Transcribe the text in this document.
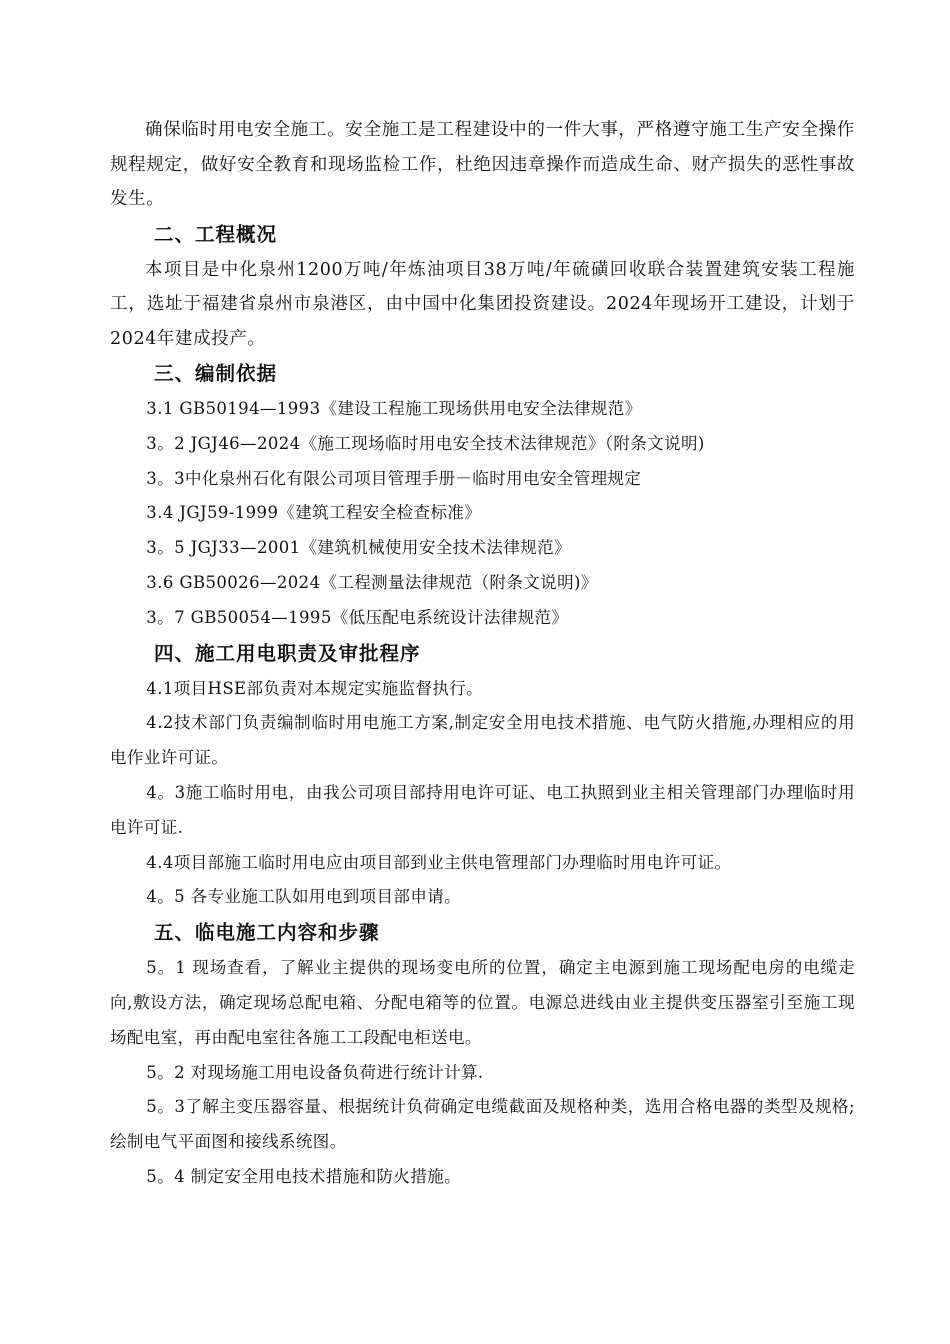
确保临时用电安全施工。安全施工是工程建设中的一件大事，严格遵守施工生产安全操作规程规定，做好安全教育和现场监检工作，杜绝因违章操作而造成生命、财产损失的恶性事故发生。

二、工程概况

本项目是中化泉州1200万吨/年炼油项目38万吨/年硫磺回收联合装置建筑安装工程施工，选址于福建省泉州市泉港区，由中国中化集团投资建设。2024年现场开工建设，计划于2024年建成投产。

三、编制依据

3.1 GB50194—1993《建设工程施工现场供用电安全法律规范》

3。2 JGJ46—2024《施工现场临时用电安全技术法律规范》（附条文说明)

3。3中化泉州石化有限公司项目管理手册－临时用电安全管理规定

3.4 JGJ59-1999《建筑工程安全检查标准》

3。5 JGJ33—2001《建筑机械使用安全技术法律规范》

3.6 GB50026—2024《工程测量法律规范（附条文说明)》

3。7 GB50054—1995《低压配电系统设计法律规范》

四、施工用电职责及审批程序

4.1项目HSE部负责对本规定实施监督执行。

4.2技术部门负责编制临时用电施工方案,制定安全用电技术措施、电气防火措施,办理相应的用电作业许可证。

4。3施工临时用电，由我公司项目部持用电许可证、电工执照到业主相关管理部门办理临时用电许可证.

4.4项目部施工临时用电应由项目部到业主供电管理部门办理临时用电许可证。

4。5 各专业施工队如用电到项目部申请。

五、临电施工内容和步骤

5。1 现场查看，了解业主提供的现场变电所的位置，确定主电源到施工现场配电房的电缆走向,敷设方法，确定现场总配电箱、分配电箱等的位置。电源总进线由业主提供变压器室引至施工现场配电室，再由配电室往各施工工段配电柜送电。

5。2 对现场施工用电设备负荷进行统计计算.

5。3了解主变压器容量、根据统计负荷确定电缆截面及规格种类，选用合格电器的类型及规格;绘制电气平面图和接线系统图。

5。4 制定安全用电技术措施和防火措施。
